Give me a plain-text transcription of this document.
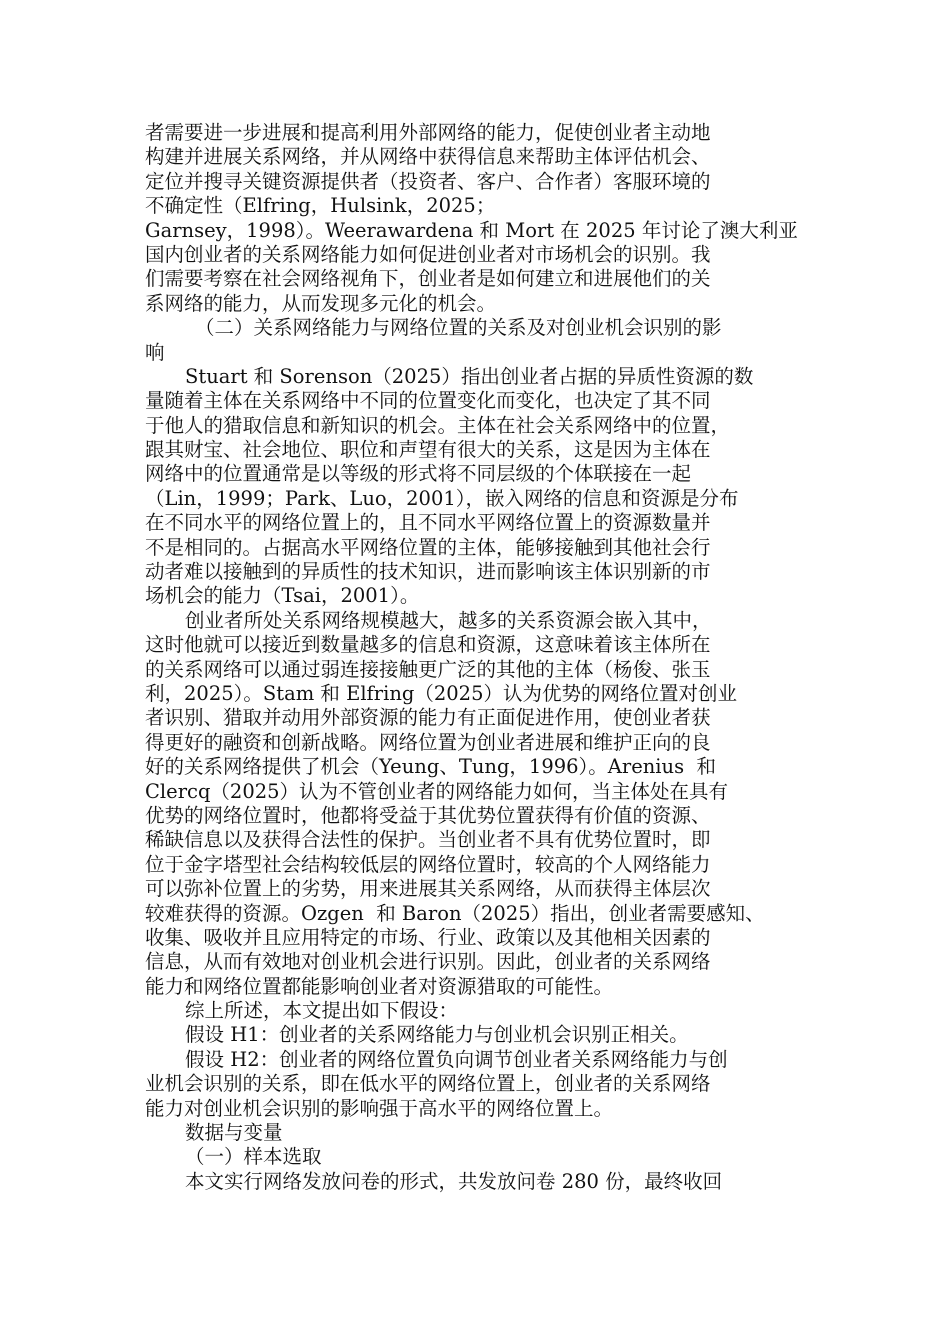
者需要进一步进展和提高利用外部网络的能力，促使创业者主动地
构建并进展关系网络，并从网络中获得信息来帮助主体评估机会、
定位并搜寻关键资源提供者（投资者、客户、合作者）客服环境的
不确定性（Elfring，Hulsink，2025；
Garnsey，1998）。Weerawardena 和 Mort 在 2025 年讨论了澳大利亚
国内创业者的关系网络能力如何促进创业者对市场机会的识别。我
们需要考察在社会网络视角下，创业者是如何建立和进展他们的关
系网络的能力，从而发现多元化的机会。
（二）关系网络能力与网络位置的关系及对创业机会识别的影
响
Stuart 和 Sorenson（2025）指出创业者占据的异质性资源的数
量随着主体在关系网络中不同的位置变化而变化，也决定了其不同
于他人的猎取信息和新知识的机会。主体在社会关系网络中的位置，
跟其财宝、社会地位、职位和声望有很大的关系，这是因为主体在
网络中的位置通常是以等级的形式将不同层级的个体联接在一起
（Lin，1999；Park、Luo，2001），嵌入网络的信息和资源是分布
在不同水平的网络位置上的，且不同水平网络位置上的资源数量并
不是相同的。占据高水平网络位置的主体，能够接触到其他社会行
动者难以接触到的异质性的技术知识，进而影响该主体识别新的市
场机会的能力（Tsai，2001）。
创业者所处关系网络规模越大，越多的关系资源会嵌入其中，
这时他就可以接近到数量越多的信息和资源，这意味着该主体所在
的关系网络可以通过弱连接接触更广泛的其他的主体（杨俊、张玉
利，2025）。Stam 和 Elfring（2025）认为优势的网络位置对创业
者识别、猎取并动用外部资源的能力有正面促进作用，使创业者获
得更好的融资和创新战略。网络位置为创业者进展和维护正向的良
好的关系网络提供了机会（Yeung、Tung，1996）。Arenius  和
Clercq（2025）认为不管创业者的网络能力如何，当主体处在具有
优势的网络位置时，他都将受益于其优势位置获得有价值的资源、
稀缺信息以及获得合法性的保护。当创业者不具有优势位置时，即
位于金字塔型社会结构较低层的网络位置时，较高的个人网络能力
可以弥补位置上的劣势，用来进展其关系网络，从而获得主体层次
较难获得的资源。Ozgen  和 Baron（2025）指出，创业者需要感知、
收集、吸收并且应用特定的市场、行业、政策以及其他相关因素的
信息，从而有效地对创业机会进行识别。因此，创业者的关系网络
能力和网络位置都能影响创业者对资源猎取的可能性。
综上所述，本文提出如下假设：
假设 H1：创业者的关系网络能力与创业机会识别正相关。
假设 H2：创业者的网络位置负向调节创业者关系网络能力与创
业机会识别的关系，即在低水平的网络位置上，创业者的关系网络
能力对创业机会识别的影响强于高水平的网络位置上。
数据与变量
（一）样本选取
本文实行网络发放问卷的形式，共发放问卷 280 份，最终收回
